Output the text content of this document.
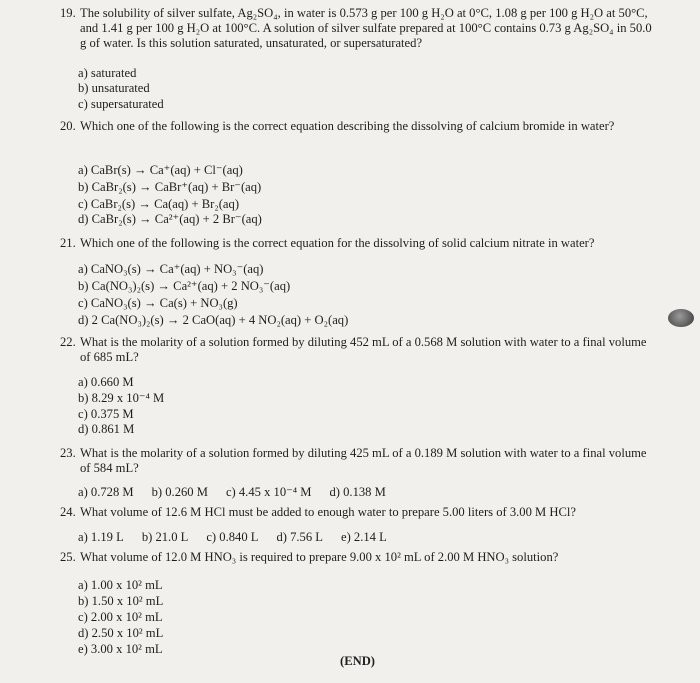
19. The solubility of silver sulfate, Ag₂SO₄, in water is 0.573 g per 100 g H₂O at 0°C, 1.08 g per 100 g H₂O at 50°C, and 1.41 g per 100 g H₂O at 100°C. A solution of silver sulfate prepared at 100°C contains 0.73 g Ag₂SO₄ in 50.0 g of water. Is this solution saturated, unsaturated, or supersaturated?
a) saturated
b) unsaturated
c) supersaturated
20. Which one of the following is the correct equation describing the dissolving of calcium bromide in water?
a) CaBr(s) → Ca⁺(aq) + Cl⁻(aq)
b) CaBr₂(s) → CaBr⁺(aq) + Br⁻(aq)
c) CaBr₂(s) → Ca(aq) + Br₂(aq)
d) CaBr₂(s) → Ca²⁺(aq) + 2 Br⁻(aq)
21. Which one of the following is the correct equation for the dissolving of solid calcium nitrate in water?
a) CaNO₃(s) → Ca⁺(aq) + NO₃⁻(aq)
b) Ca(NO₃)₂(s) → Ca²⁺(aq) + 2 NO₃⁻(aq)
c) CaNO₃(s) → Ca(s) + NO₃(g)
d) 2 Ca(NO₃)₂(s) → 2 CaO(aq) + 4 NO₂(aq) + O₂(aq)
22. What is the molarity of a solution formed by diluting 452 mL of a 0.568 M solution with water to a final volume of 685 mL?
a) 0.660 M
b) 8.29 x 10⁻⁴ M
c) 0.375 M
d) 0.861 M
23. What is the molarity of a solution formed by diluting 425 mL of a 0.189 M solution with water to a final volume of 584 mL?
a) 0.728 M b) 0.260 M c) 4.45 x 10⁻⁴ M d) 0.138 M
24. What volume of 12.6 M HCl must be added to enough water to prepare 5.00 liters of 3.00 M HCl?
a) 1.19 L b) 21.0 L c) 0.840 L d) 7.56 L e) 2.14 L
25. What volume of 12.0 M HNO₃ is required to prepare 9.00 x 10² mL of 2.00 M HNO₃ solution?
a) 1.00 x 10² mL
b) 1.50 x 10² mL
c) 2.00 x 10² mL
d) 2.50 x 10² mL
e) 3.00 x 10² mL
(END)
